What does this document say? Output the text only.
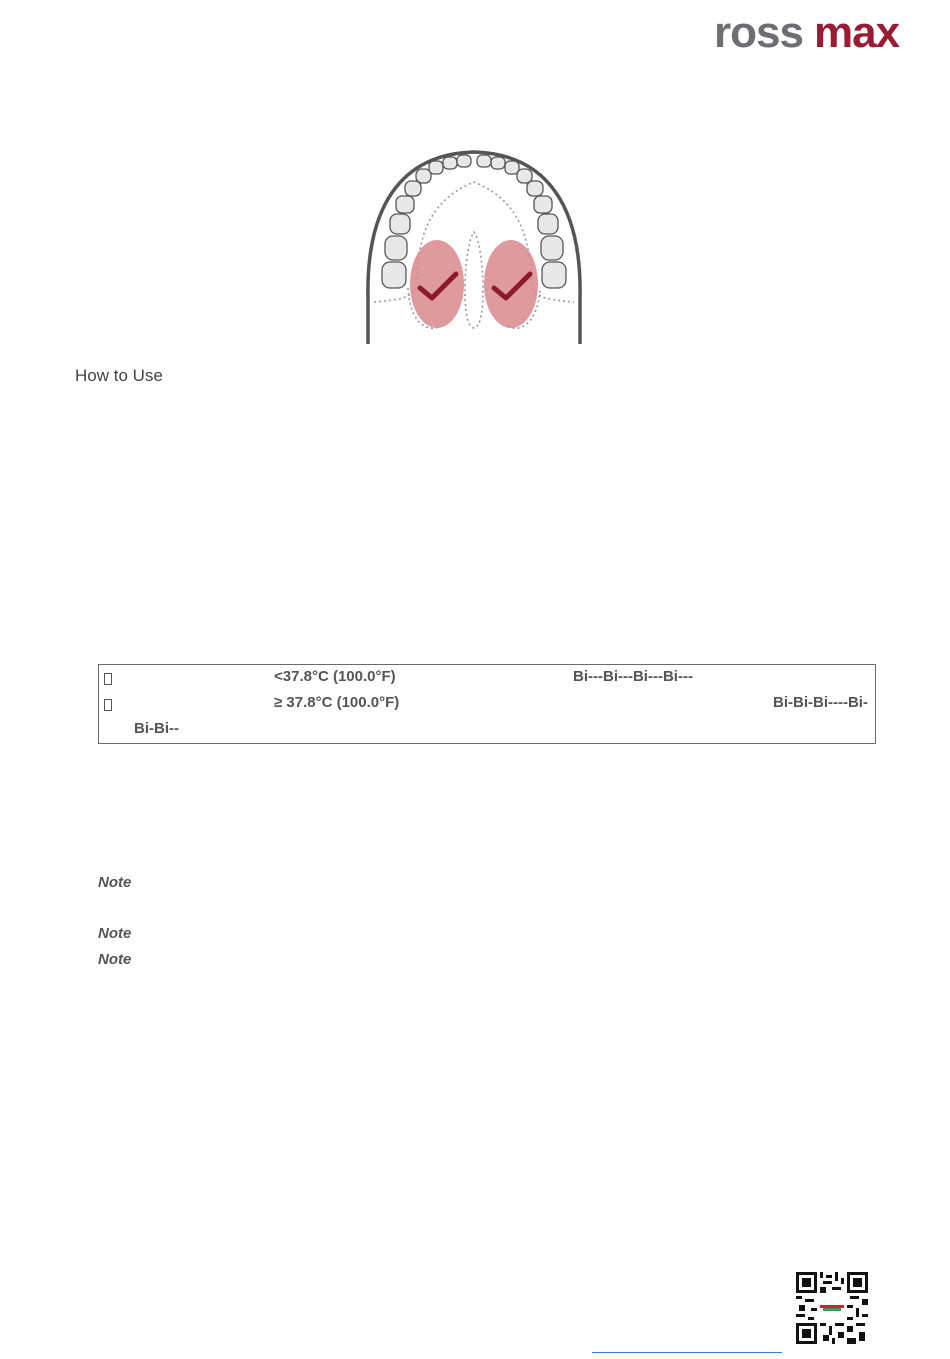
ross max
How to Use
<37.8°C (100.0°F)	Bi---Bi---Bi---Bi---
≥ 37.8°C (100.0°F)	Bi-Bi-Bi----Bi-
Bi-Bi--
Note
Note
Note
